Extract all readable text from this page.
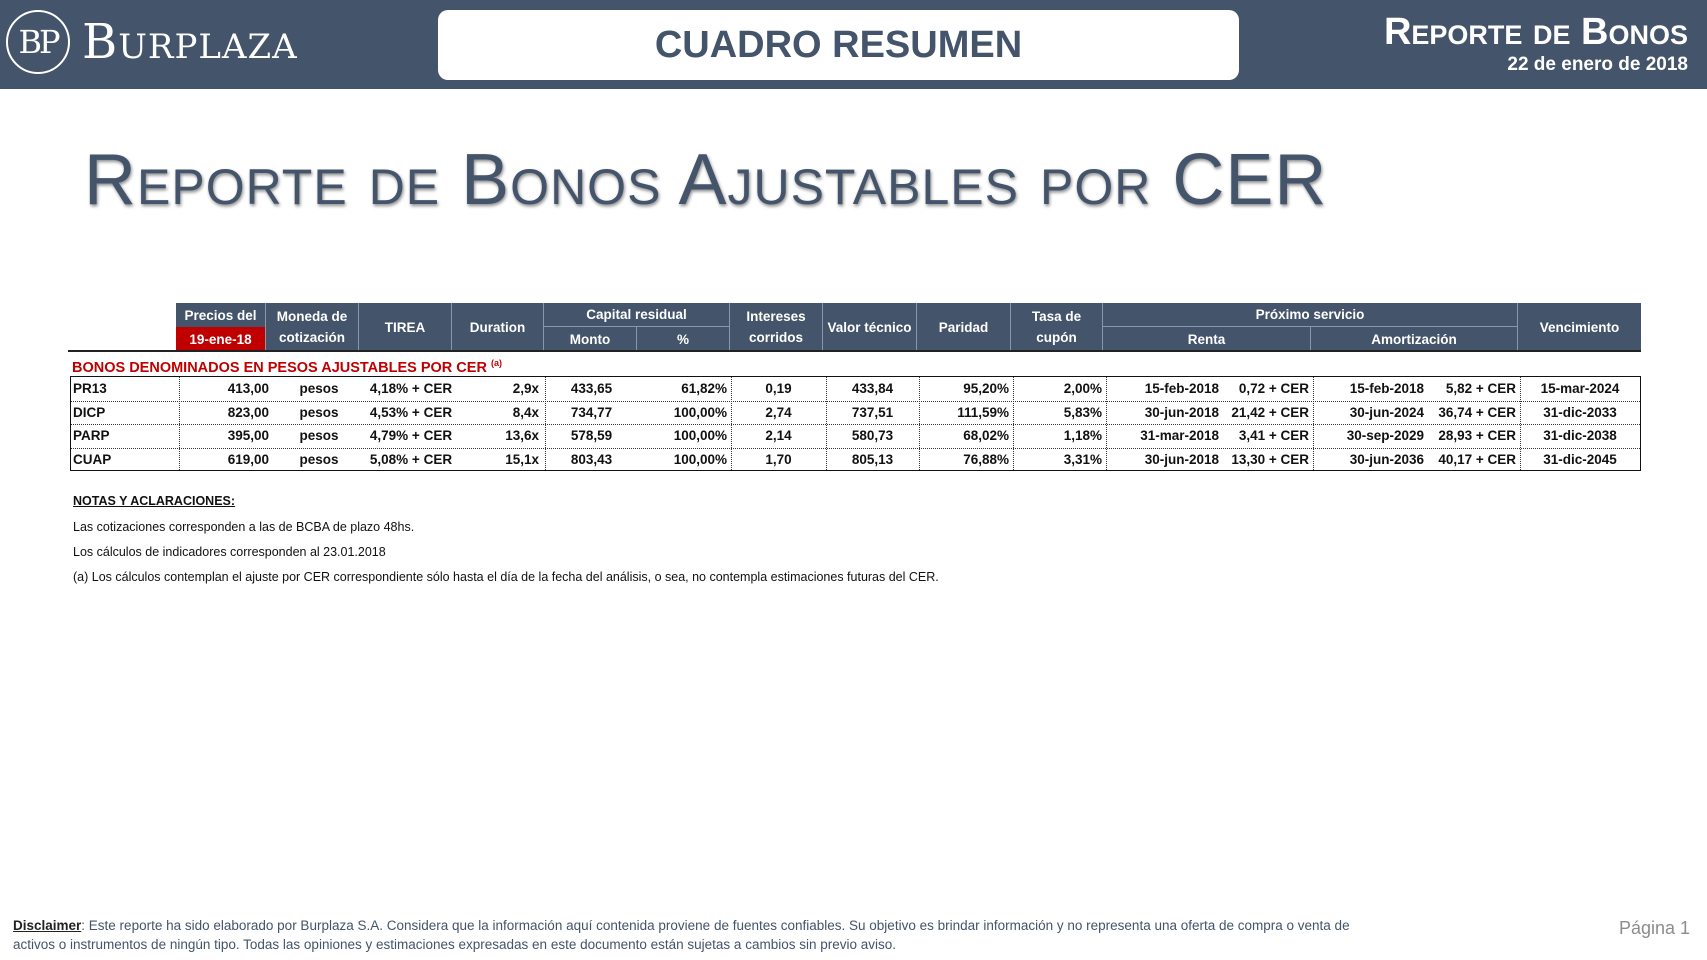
BP Burplaza	CUADRO RESUMEN	Reporte de Bonos
22 de enero de 2018
Reporte de Bonos Ajustables por CER
Precios del
19-ene-18
Moneda de cotización
TIREA	Duration
Capital residual
Monto	%
Intereses corridos
Valor técnico	Paridad
Tasa de cupón
Próximo servicio
Renta	Amortización
Vencimiento
BONOS DENOMINADOS EN PESOS AJUSTABLES POR CER $^{(a)}$
PR13	413,00	pesos	4,18% + CER	2,9x	433,65	61,82%	0,19	433,84	95,20%	2,00%	15-feb-2018	0,72 + CER	15-feb-2018	5,82 + CER	15-mar-2024
DICP	823,00	pesos	4,53% + CER	8,4x	734,77	100,00%	2,74	737,51	111,59%	5,83%	30-jun-2018 21,42 + CER	30-jun-2024	36,74 + CER	31-dic-2033
PARP	395,00	pesos	4,79% + CER	13,6x	578,59	100,00%	2,14	580,73	68,02%	1,18%	31-mar-2018	3,41 + CER	30-sep-2029	28,93 + CER	31-dic-2038
CUAP	619,00	pesos	5,08% + CER	15,1x	803,43	100,00%	1,70	805,13	76,88%	3,31%	30-jun-2018 13,30 + CER	30-jun-2036	40,17 + CER	31-dic-2045
NOTAS Y ACLARACIONES:
Las cotizaciones corresponden a las de BCBA de plazo 48hs.
Los cálculos de indicadores corresponden al 23.01.2018
(a) Los cálculos contemplan el ajuste por CER correspondiente sólo hasta el día de la fecha del análisis, o sea, no contempla estimaciones futuras del CER.
Disclaimer: Este reporte ha sido elaborado por Burplaza S.A. Considera que la información aquí contenida proviene de fuentes confiables. Su objetivo es brindar información y no representa una oferta de compra o venta de activos o instrumentos de ningún tipo. Todas las opiniones y estimaciones expresadas en este documento están sujetas a cambios sin previo aviso.
Página 1
